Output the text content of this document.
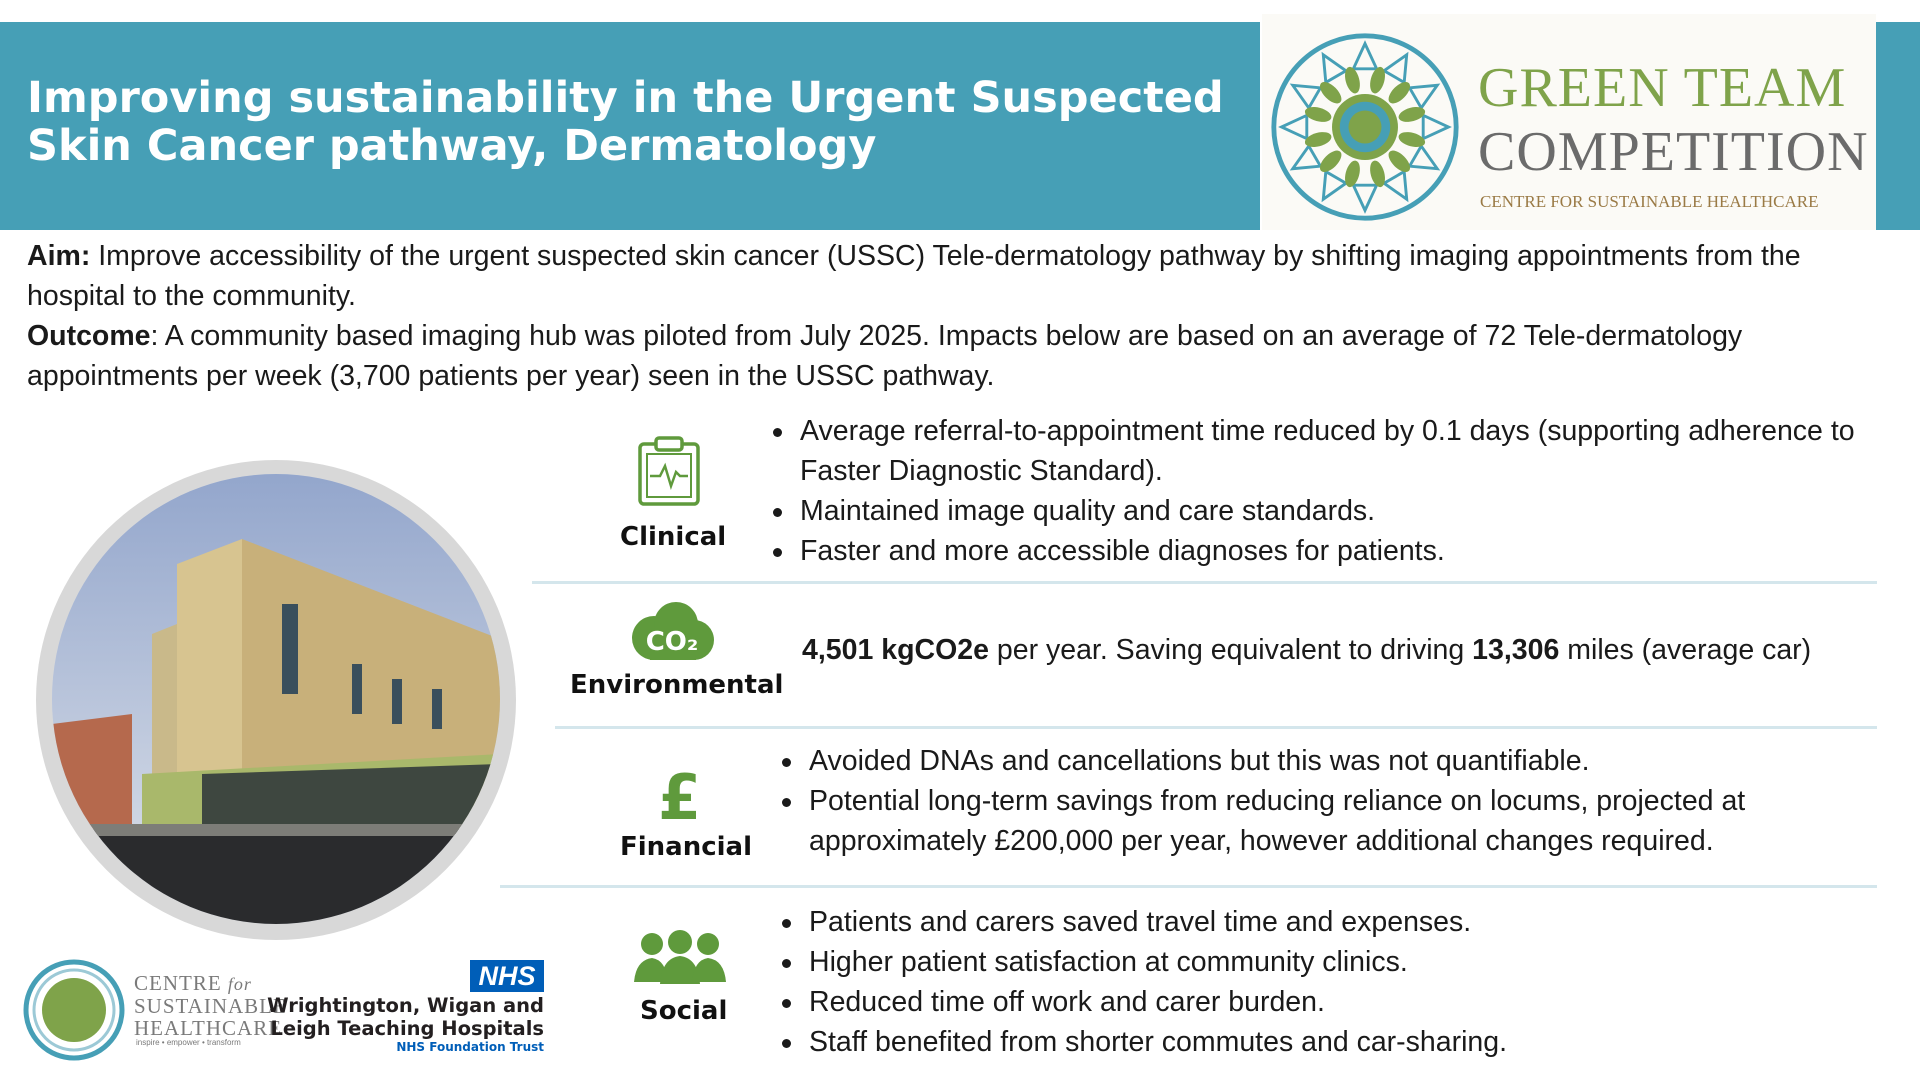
Improving sustainability in the Urgent Suspected
Skin Cancer pathway, Dermatology
GREEN TEAM
COMPETITION
CENTRE FOR SUSTAINABLE HEALTHCARE

Aim: Improve accessibility of the urgent suspected skin cancer (USSC) Tele-dermatology pathway by shifting imaging appointments from the hospital to the community.

Outcome: A community based imaging hub was piloted from July 2025. Impacts below are based on an average of 72 Tele-dermatology appointments per week (3,700 patients per year) seen in the USSC pathway.

Clinical
Average referral-to-appointment time reduced by 0.1 days (supporting adherence to Faster Diagnostic Standard).
Maintained image quality and care standards.
Faster and more accessible diagnoses for patients.
CO₂
Environmental
4,501 kgCO2e per year. Saving equivalent to driving 13,306 miles (average car)
£
Financial
Avoided DNAs and cancellations but this was not quantifiable.
Potential long-term savings from reducing reliance on locums, projected at approximately £200,000 per year, however additional changes required.
Social
Patients and carers saved travel time and expenses.
Higher patient satisfaction at community clinics.
Reduced time off work and carer burden.
Staff benefited from shorter commutes and car-sharing.
CENTRE for
SUSTAINABLE
HEALTHCARE
inspire • empower • transform
NHS
Wrightington, Wigan and
Leigh Teaching Hospitals
NHS Foundation Trust
